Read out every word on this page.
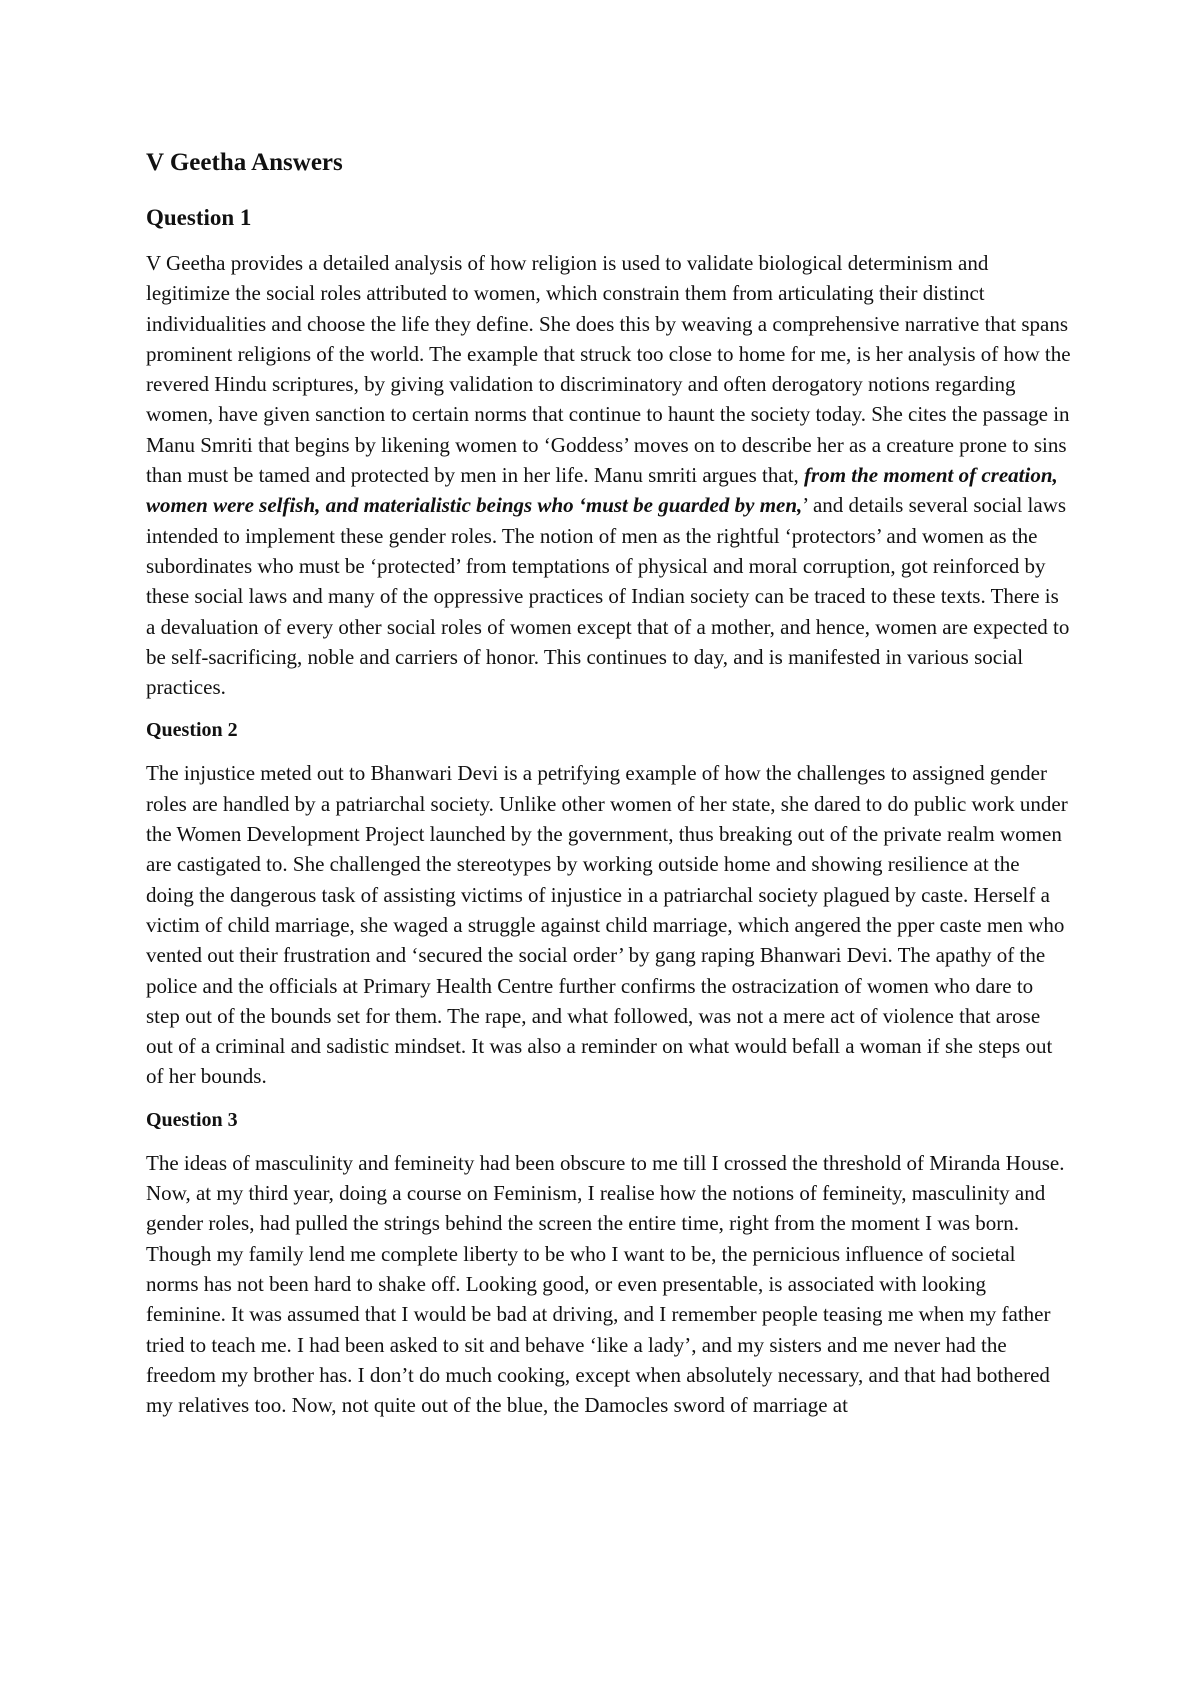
V Geetha Answers
Question 1

V Geetha provides a detailed analysis of how religion is used to validate biological determinism and legitimize the social roles attributed to women, which constrain them from articulating their distinct individualities and choose the life they define. She does this by weaving a comprehensive narrative that spans prominent religions of the world. The example that struck too close to home for me, is her analysis of how the revered Hindu scriptures, by giving validation to discriminatory and often derogatory notions regarding women, have given sanction to certain norms that continue to haunt the society today. She cites the passage in Manu Smriti that begins by likening women to ‘Goddess’ moves on to describe her as a creature prone to sins than must be tamed and protected by men in her life. Manu smriti argues that, from the moment of creation, women were selfish, and materialistic beings who ‘must be guarded by men,’ and details several social laws intended to implement these gender roles. The notion of men as the rightful ‘protectors’ and women as the subordinates who must be ‘protected’ from temptations of physical and moral corruption, got reinforced by these social laws and many of the oppressive practices of Indian society can be traced to these texts. There is a devaluation of every other social roles of women except that of a mother, and hence, women are expected to be self-sacrificing, noble and carriers of honor. This continues to day, and is manifested in various social practices.

Question 2

The injustice meted out to Bhanwari Devi is a petrifying example of how the challenges to assigned gender roles are handled by a patriarchal society. Unlike other women of her state, she dared to do public work under the Women Development Project launched by the government, thus breaking out of the private realm women are castigated to. She challenged the stereotypes by working outside home and showing resilience at the doing the dangerous task of assisting victims of injustice in a patriarchal society plagued by caste. Herself a victim of child marriage, she waged a struggle against child marriage, which angered the pper caste men who vented out their frustration and ‘secured the social order’ by gang raping Bhanwari Devi. The apathy of the police and the officials at Primary Health Centre further confirms the ostracization of women who dare to step out of the bounds set for them. The rape, and what followed, was not a mere act of violence that arose out of a criminal and sadistic mindset. It was also a reminder on what would befall a woman if she steps out of her bounds.

Question 3

The ideas of masculinity and femineity had been obscure to me till I crossed the threshold of Miranda House. Now, at my third year, doing a course on Feminism, I realise how the notions of femineity, masculinity and gender roles, had pulled the strings behind the screen the entire time, right from the moment I was born. Though my family lend me complete liberty to be who I want to be, the pernicious influence of societal norms has not been hard to shake off. Looking good, or even presentable, is associated with looking feminine. It was assumed that I would be bad at driving, and I remember people teasing me when my father tried to teach me. I had been asked to sit and behave ‘like a lady’, and my sisters and me never had the freedom my brother has. I don’t do much cooking, except when absolutely necessary, and that had bothered my relatives too. Now, not quite out of the blue, the Damocles sword of marriage at
